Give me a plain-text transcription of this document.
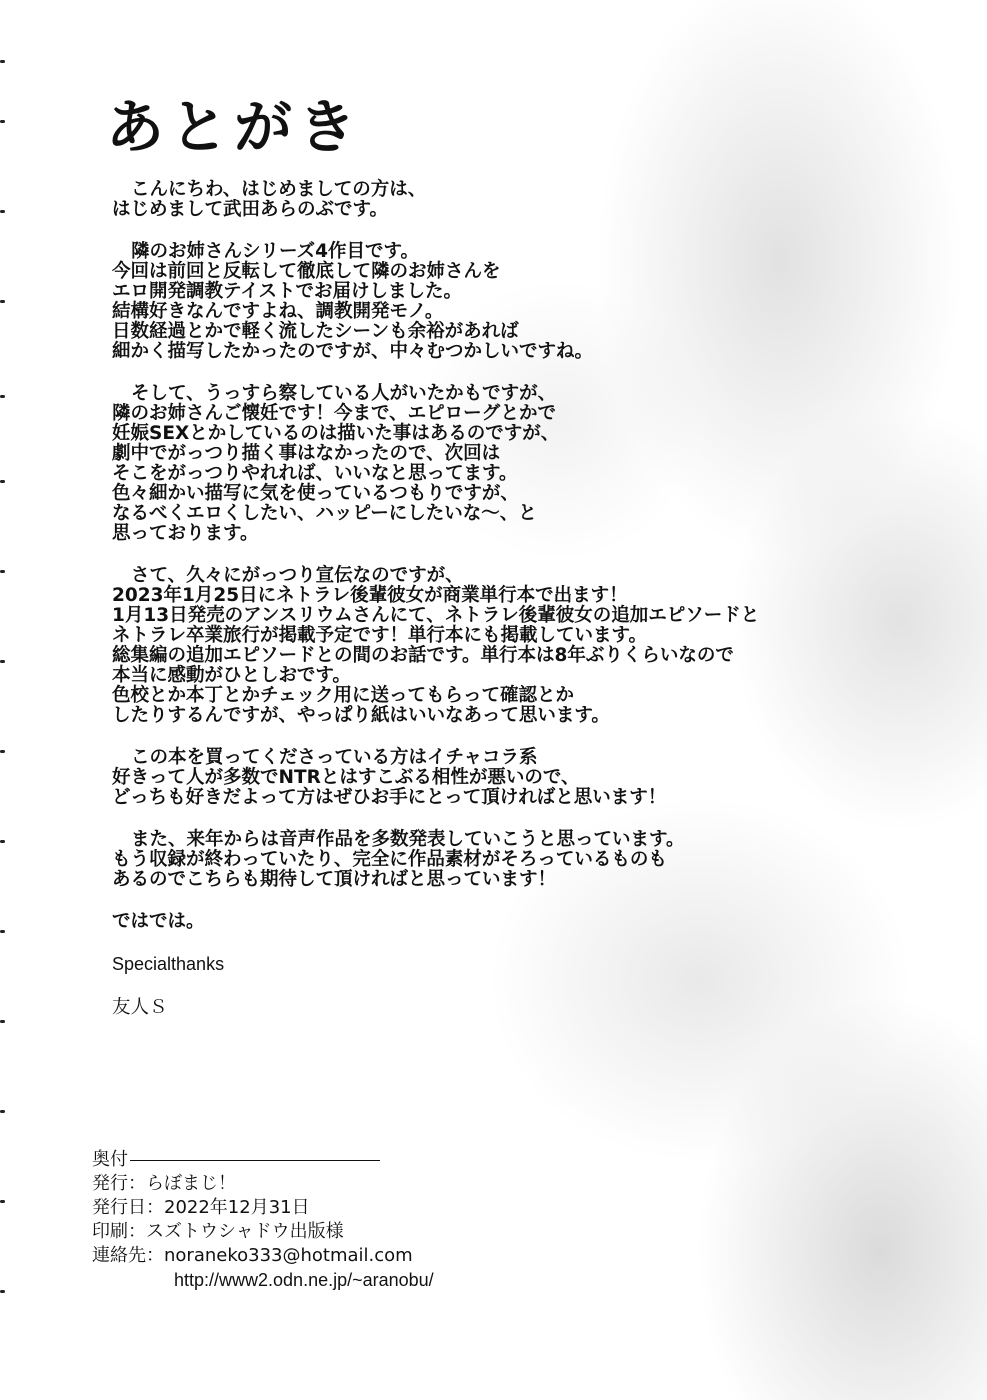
あとがき
こんにちわ、はじめましての方は、
はじめまして武田あらのぶです。
隣のお姉さんシリーズ4作目です。
今回は前回と反転して徹底して隣のお姉さんを
エロ開発調教テイストでお届けしました。
結構好きなんですよね、調教開発モノ。
日数経過とかで軽く流したシーンも余裕があれば
細かく描写したかったのですが、中々むつかしいですね。
そして、うっすら察している人がいたかもですが、
隣のお姉さんご懐妊です！今まで、エピローグとかで
妊娠SEXとかしているのは描いた事はあるのですが、
劇中でがっつり描く事はなかったので、次回は
そこをがっつりやれれば、いいなと思ってます。
色々細かい描写に気を使っているつもりですが、
なるべくエロくしたい、ハッピーにしたいな～、と
思っております。
さて、久々にがっつり宣伝なのですが、
2023年1月25日にネトラレ後輩彼女が商業単行本で出ます！
1月13日発売のアンスリウムさんにて、ネトラレ後輩彼女の追加エピソードと
ネトラレ卒業旅行が掲載予定です！単行本にも掲載しています。
総集編の追加エピソードとの間のお話です。単行本は8年ぶりくらいなので
本当に感動がひとしおです。
色校とか本丁とかチェック用に送ってもらって確認とか
したりするんですが、やっぱり紙はいいなあって思います。
この本を買ってくださっている方はイチャコラ系
好きって人が多数でNTRとはすこぶる相性が悪いので、
どっちも好きだよって方はぜひお手にとって頂ければと思います！
また、来年からは音声作品を多数発表していこうと思っています。
もう収録が終わっていたり、完全に作品素材がそろっているものも
あるのでこちらも期待して頂ければと思っています！
ではでは。
Specialthanks
友人Ｓ
奥付
発行：らぼまじ！
発行日：2022年12月31日
印刷：スズトウシャドウ出版様
連絡先：noraneko333@hotmail.com
http://www2.odn.ne.jp/~aranobu/
